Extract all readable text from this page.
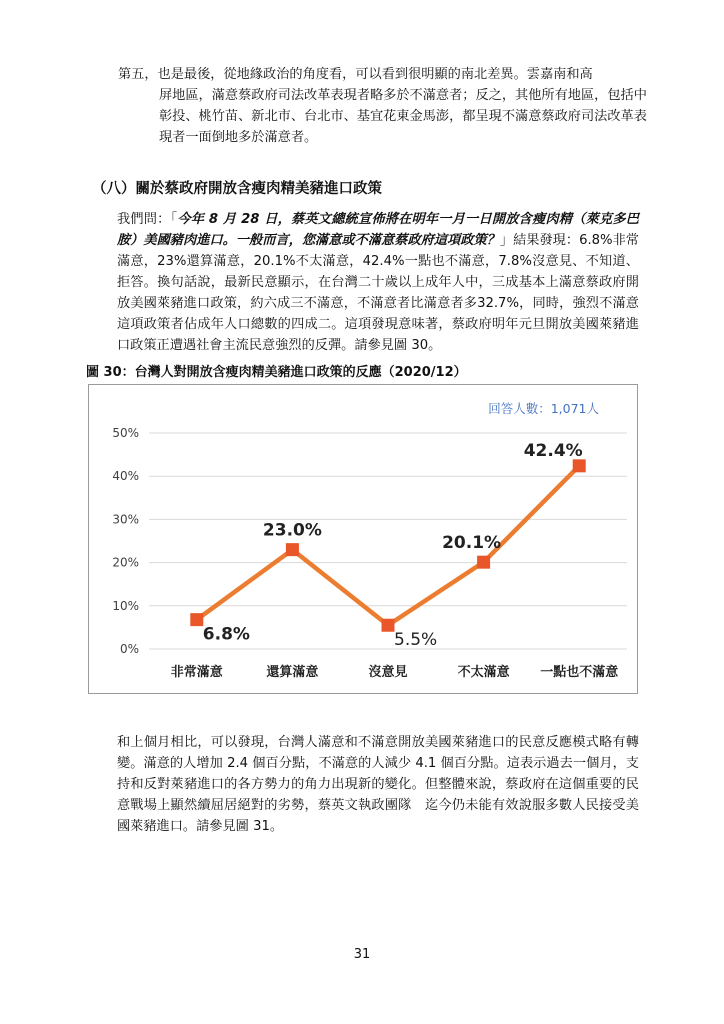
第五，也是最後，從地緣政治的角度看，可以看到很明顯的南北差異。雲嘉南和高
屏地區，滿意蔡政府司法改革表現者略多於不滿意者；反之，其他所有地區，包括中彰投、桃竹苗、新北市、台北市、基宜花東金馬澎，都呈現不滿意蔡政府司法改革表現者一面倒地多於滿意者。
（八）關於蔡政府開放含瘦肉精美豬進口政策

我們問：「今年 8 月 28 日，蔡英文總統宣佈將在明年一月一日開放含瘦肉精（萊克多巴胺）美國豬肉進口。一般而言，您滿意或不滿意蔡政府這項政策？」結果發現：6.8%非常滿意，23%還算滿意，20.1%不太滿意，42.4%一點也不滿意，7.8%沒意見、不知道、拒答。換句話說，最新民意顯示，在台灣二十歲以上成年人中，三成基本上滿意蔡政府開放美國萊豬進口政策，約六成三不滿意，不滿意者比滿意者多32.7%，同時，強烈不滿意這項政策者佔成年人口總數的四成二。這項發現意味著，蔡政府明年元旦開放美國萊豬進口政策正遭遇社會主流民意強烈的反彈。請參見圖 30。

圖 30：台灣人對開放含瘦肉精美豬進口政策的反應（2020/12）
0%
10%
20%
30%
40%
50%
非常滿意	還算滿意	沒意見	不太滿意 一點也不滿意
6.8%
23.0%
5.5%
20.1%
42.4%
回答人數：1,071人

和上個月相比，可以發現，台灣人滿意和不滿意開放美國萊豬進口的民意反應模式略有轉變。滿意的人增加 2.4 個百分點，不滿意的人減少 4.1 個百分點。這表示過去一個月，支持和反對萊豬進口的各方勢力的角力出現新的變化。但整體來說，蔡政府在這個重要的民意戰場上顯然續屈居絕對的劣勢，蔡英文執政團隊　迄今仍未能有效說服多數人民接受美國萊豬進口。請參見圖 31。

31
